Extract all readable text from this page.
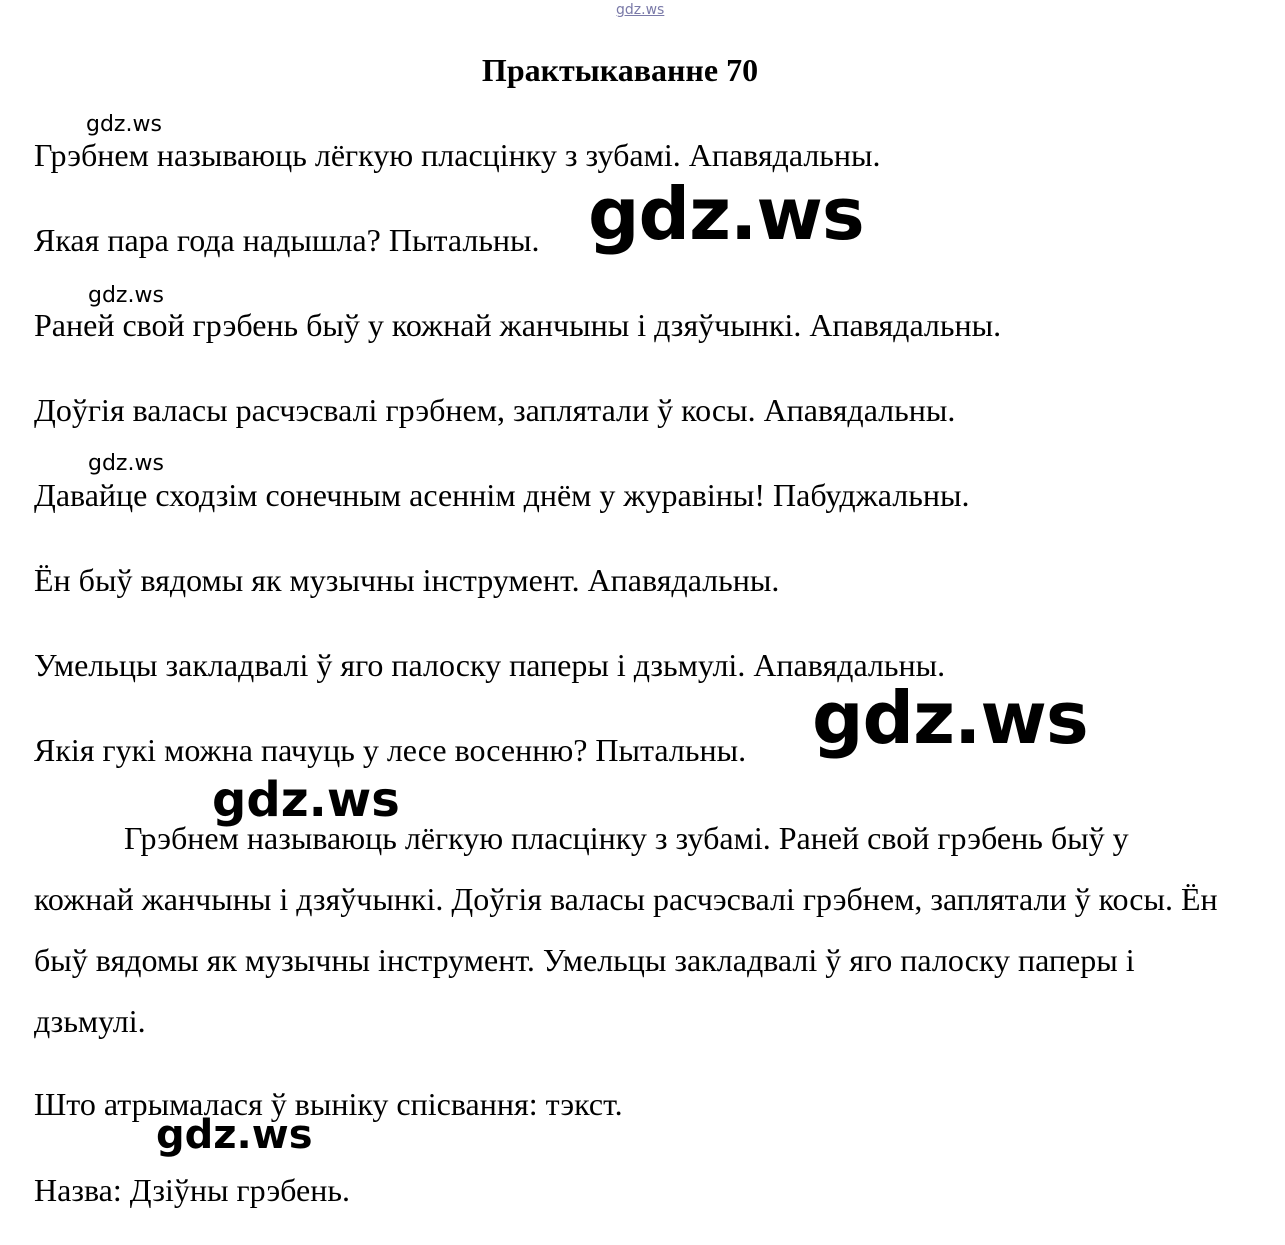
gdz.ws
Практыкаванне 70
gdz.ws
Грэбнем называюць лёгкую пласцінку з зубамі. Апавядальны.
Якая пара года надышла? Пытальны. gdz.ws
gdz.ws
Раней свой грэбень быў у кожнай жанчыны і дзяўчынкі. Апавядальны.
Доўгія валасы расчэсвалі грэбнем, заплятали ў косы. Апавядальны.
gdz.ws
Давайце сходзім сонечным асеннім днём у журавіны! Пабуджальны.
Ён быў вядомы як музычны інструмент. Апавядальны.
Умельцы закладвалі ў яго палоску паперы і дзьмулі. Апавядальны.
Якія гукі можна пачуць у лесе восенню? Пытальны. gdz.ws
gdz.ws
Грэбнем называюць лёгкую пласцінку з зубамі. Раней свой грэбень быў у кожнай жанчыны і дзяўчынкі. Доўгія валасы расчэсвалі грэбнем, заплятали ў косы. Ён быў вядомы як музычны інструмент. Умельцы закладвалі ў яго палоску паперы і дзьмулі.
Што атрымалася ў выніку спісвання: тэкст.
gdz.ws
Назва: Дзіўны грэбень.
